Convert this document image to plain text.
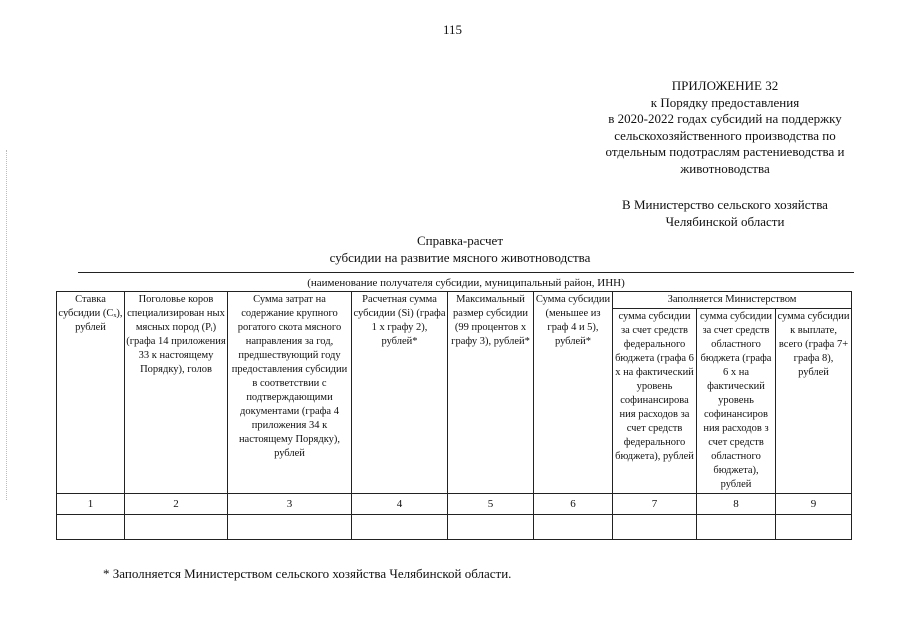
115
ПРИЛОЖЕНИЕ 32
к Порядку предоставления
в 2020-2022 годах субсидий на поддержку
сельскохозяйственного производства по
отдельным подотраслям растениеводства и
животноводства
В Министерство сельского хозяйства
Челябинской области
Справка-расчет
субсидии на развитие мясного животноводства
(наименование получателя субсидии, муниципальный район, ИНН)
Ставка субсидии (Сₓ), рублей	Поголовье коров специализирован ных мясных пород (Рᵢ) (графа 14 приложения 33 к настоящему Порядку), голов	Сумма затрат на содержание крупного рогатого скота мясного направления за год, предшествующий году предоставления субсидии в соответствии с подтверждающими документами (графа 4 приложения 34 к настоящему Порядку), рублей	Расчетная сумма субсидии (Si) (графа 1 х графу 2), рублей*	Максимальный размер субсидии (99 процентов х графу 3), рублей*	Сумма субсидии (меньшее из граф 4 и 5), рублей*	Заполняется Министерством		
						сумма субсидии за счет средств федерального бюджета (графа 6 х на фактический уровень софинансирова ния расходов за счет средств федерального бюджета), рублей	сумма субсидии за счет средств областного бюджета (графа 6 х на фактический уровень софинансиров ния расходов з счет средств областного бюджета), рублей	сумма субсидии к выплате, всего (графа 7+ графа 8), рублей
1	2	3	4	5	6	7	8	9

* Заполняется Министерством сельского хозяйства Челябинской области.
